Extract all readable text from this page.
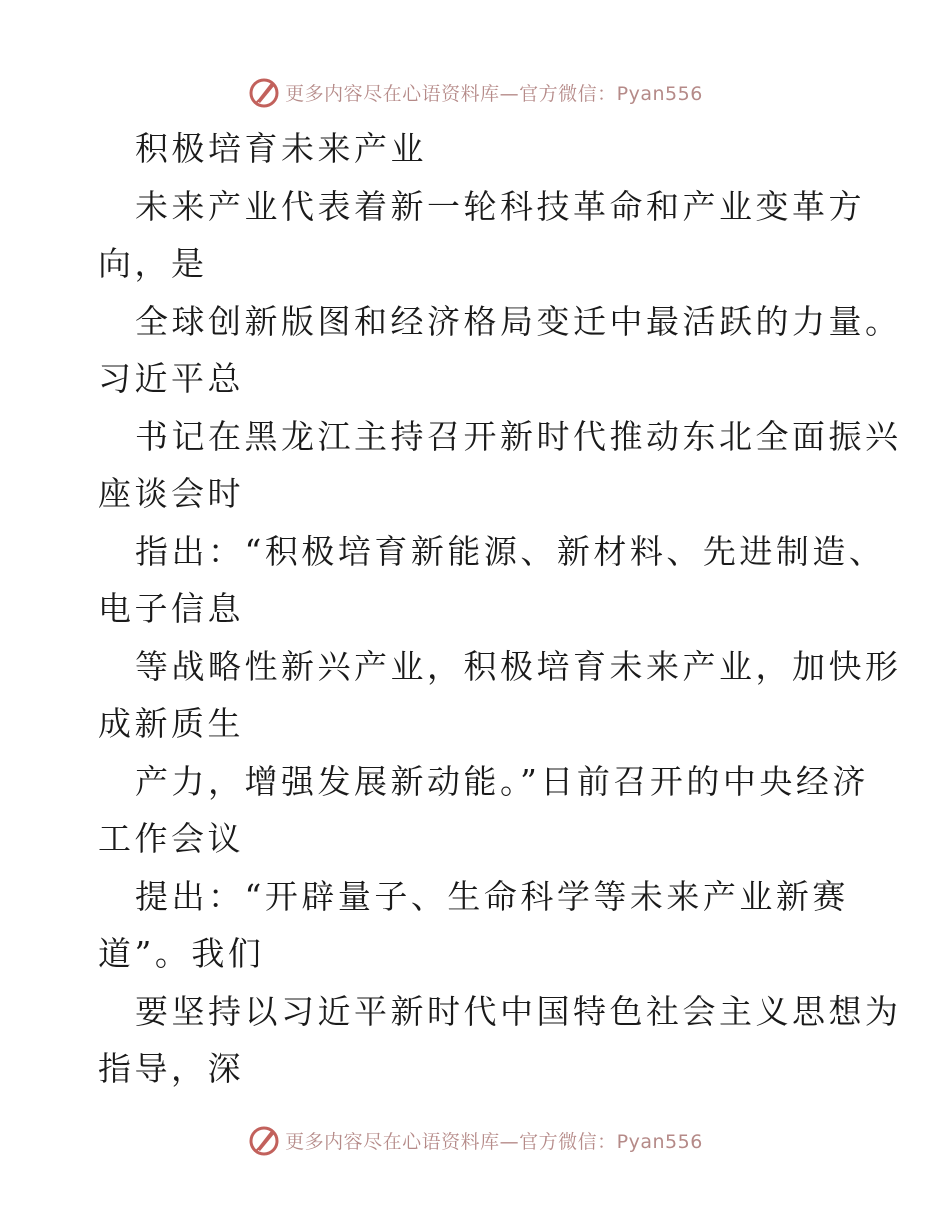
更多内容尽在心语资料库—官方微信：Pyan556
积极培育未来产业
未来产业代表着新一轮科技革命和产业变革方
向，是
全球创新版图和经济格局变迁中最活跃的力量。
习近平总
书记在黑龙江主持召开新时代推动东北全面振兴
座谈会时
指出：“积极培育新能源、新材料、先进制造、
电子信息
等战略性新兴产业，积极培育未来产业，加快形
成新质生
产力，增强发展新动能。”日前召开的中央经济
工作会议
提出：“开辟量子、生命科学等未来产业新赛
道”。我们
要坚持以习近平新时代中国特色社会主义思想为
指导，深
更多内容尽在心语资料库—官方微信：Pyan556
